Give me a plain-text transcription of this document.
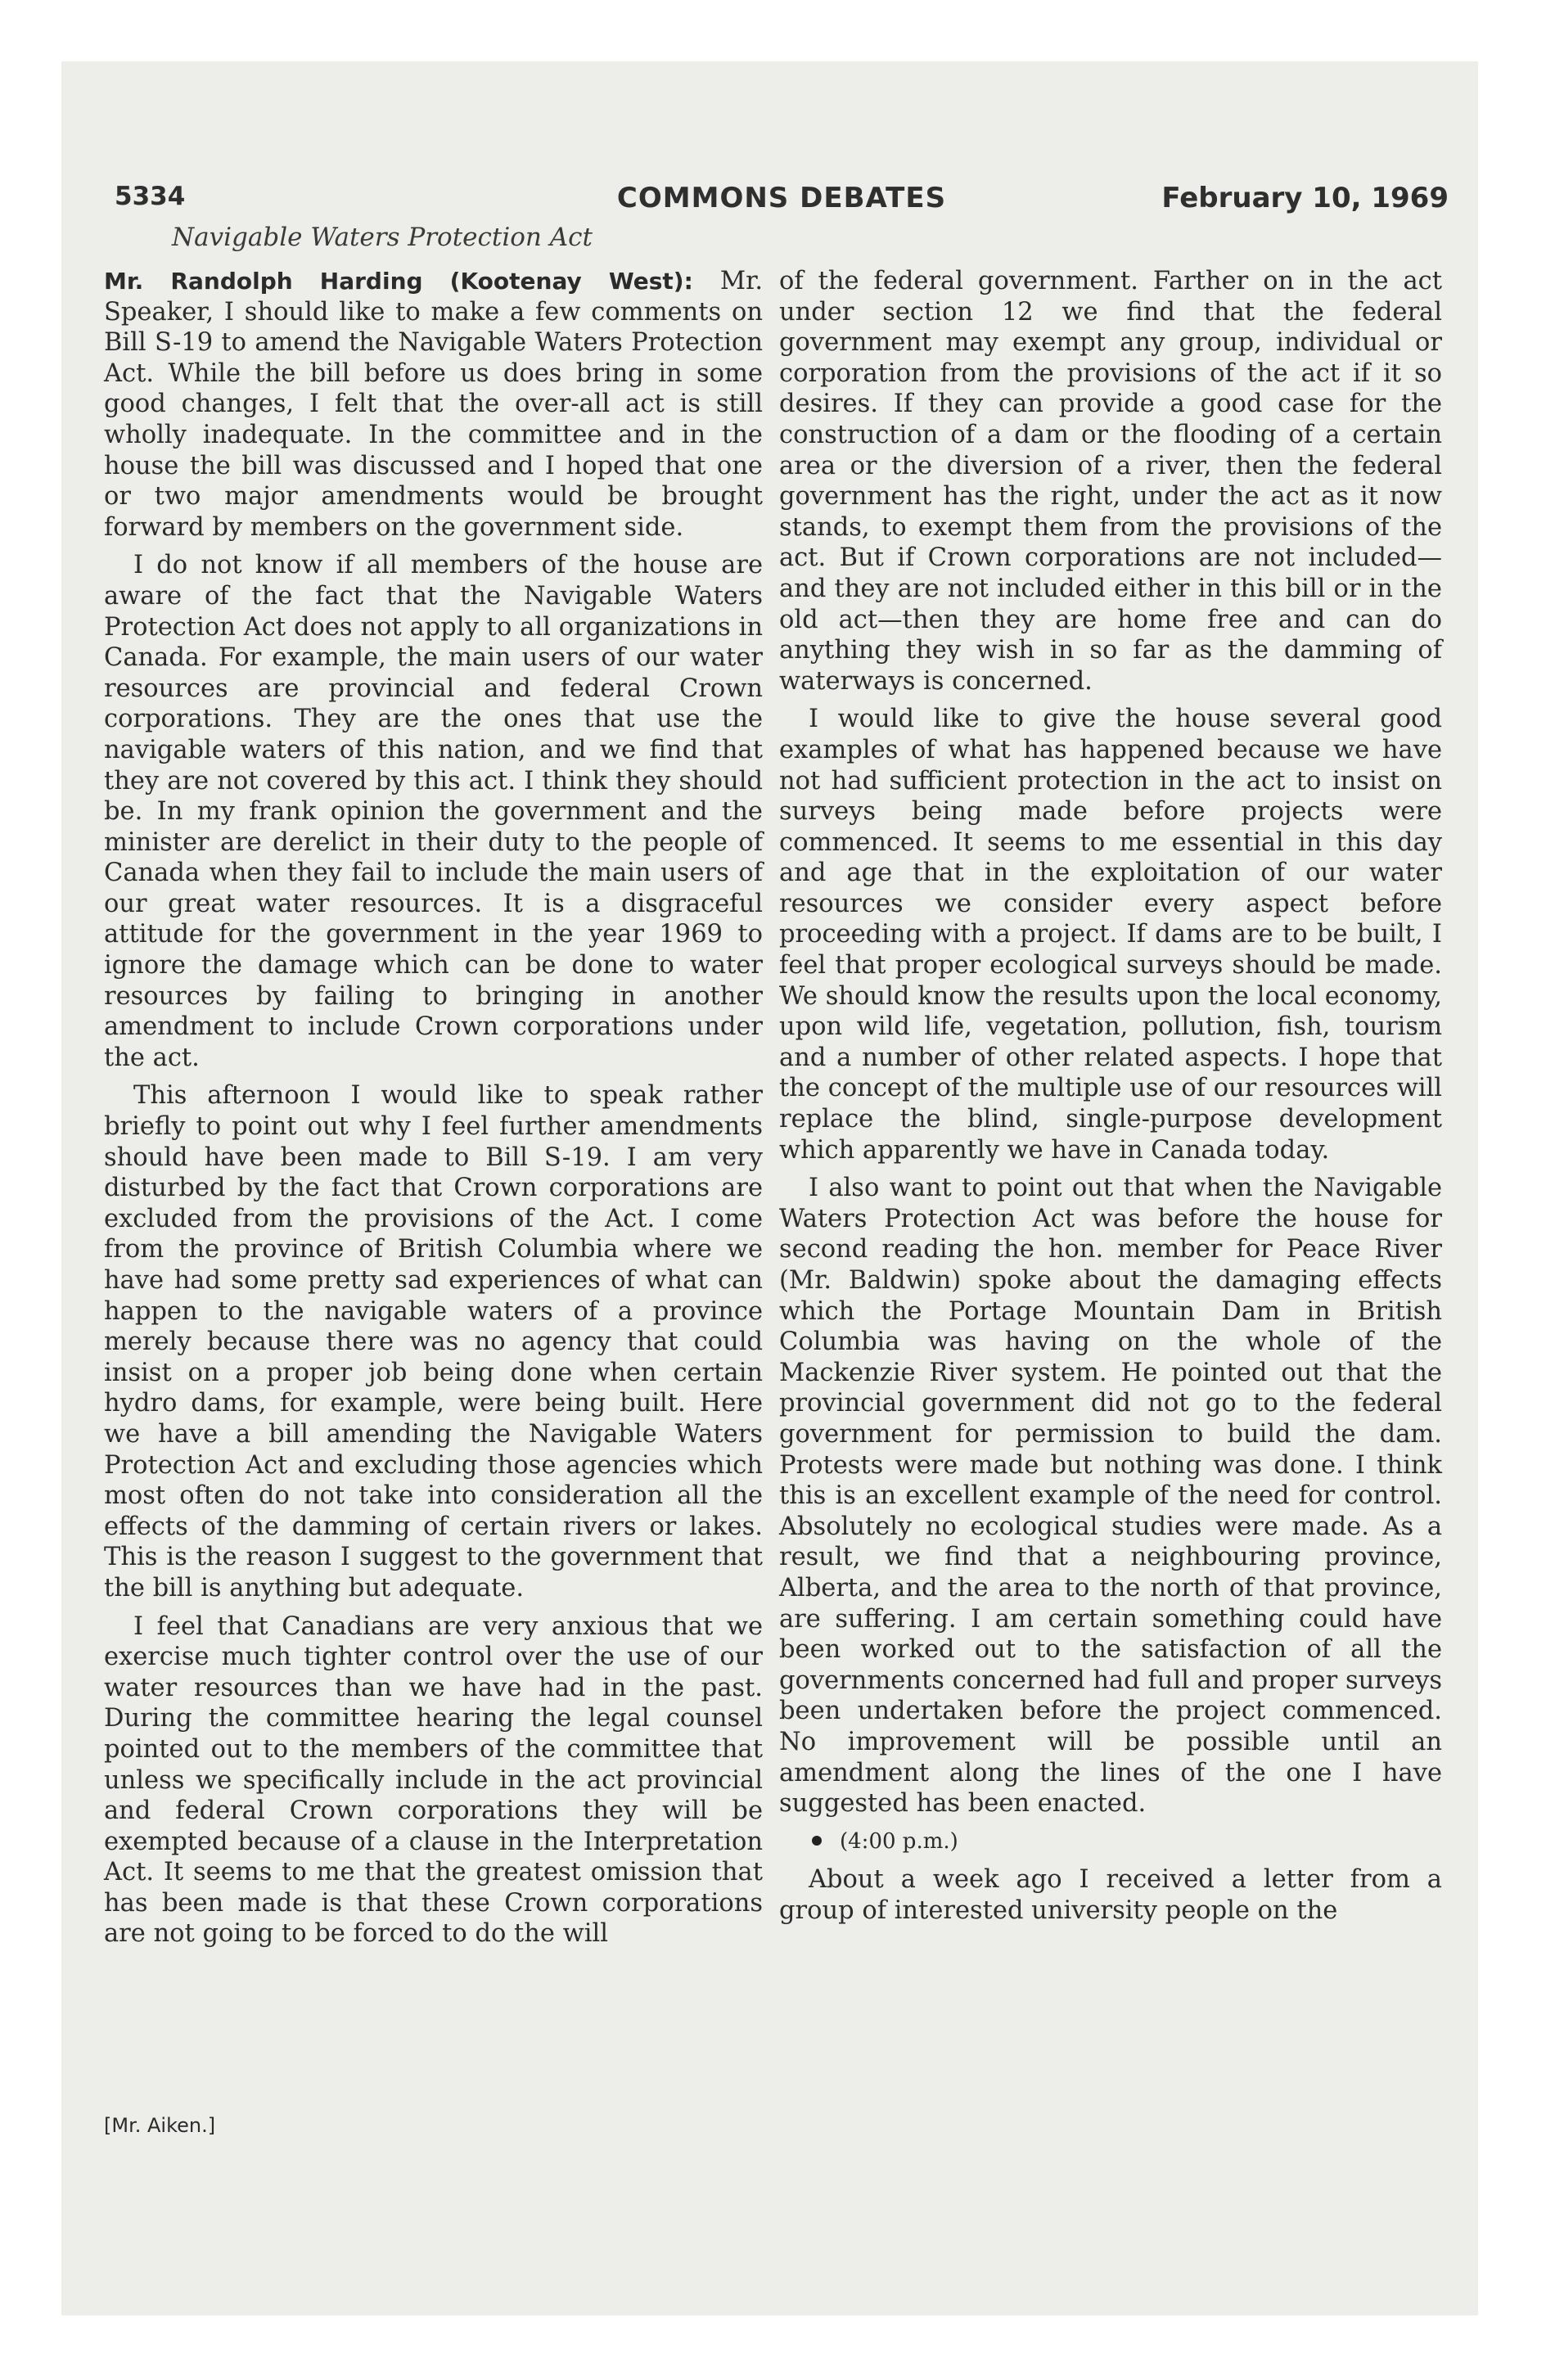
5334	COMMONS DEBATES	February 10, 1969
Navigable Waters Protection Act

Mr. Randolph Harding (Kootenay West): Mr. Speaker, I should like to make a few comments on Bill S-19 to amend the Navigable Waters Protection Act. While the bill before us does bring in some good changes, I felt that the over-all act is still wholly inadequate. In the committee and in the house the bill was discussed and I hoped that one or two major amendments would be brought forward by members on the government side.

I do not know if all members of the house are aware of the fact that the Navigable Waters Protection Act does not apply to all organizations in Canada. For example, the main users of our water resources are provincial and federal Crown corporations. They are the ones that use the navigable waters of this nation, and we find that they are not covered by this act. I think they should be. In my frank opinion the government and the minister are derelict in their duty to the people of Canada when they fail to include the main users of our great water resources. It is a disgraceful attitude for the government in the year 1969 to ignore the damage which can be done to water resources by failing to bringing in another amendment to include Crown corporations under the act.

This afternoon I would like to speak rather briefly to point out why I feel further amendments should have been made to Bill S-19. I am very disturbed by the fact that Crown corporations are excluded from the provisions of the Act. I come from the province of British Columbia where we have had some pretty sad experiences of what can happen to the navigable waters of a province merely because there was no agency that could insist on a proper job being done when certain hydro dams, for example, were being built. Here we have a bill amending the Navigable Waters Protection Act and excluding those agencies which most often do not take into consideration all the effects of the damming of certain rivers or lakes. This is the reason I suggest to the government that the bill is anything but adequate.

I feel that Canadians are very anxious that we exercise much tighter control over the use of our water resources than we have had in the past. During the committee hearing the legal counsel pointed out to the members of the committee that unless we specifically include in the act provincial and federal Crown corporations they will be exempted because of a clause in the Interpretation Act. It seems to me that the greatest omission that has been made is that these Crown corporations are not going to be forced to do the will

of the federal government. Farther on in the act under section 12 we find that the federal government may exempt any group, individual or corporation from the provisions of the act if it so desires. If they can provide a good case for the construction of a dam or the flooding of a certain area or the diversion of a river, then the federal government has the right, under the act as it now stands, to exempt them from the provisions of the act. But if Crown corporations are not included—and they are not included either in this bill or in the old act—then they are home free and can do anything they wish in so far as the damming of waterways is concerned.

I would like to give the house several good examples of what has happened because we have not had sufficient protection in the act to insist on surveys being made before projects were commenced. It seems to me essential in this day and age that in the exploitation of our water resources we consider every aspect before proceeding with a project. If dams are to be built, I feel that proper ecological surveys should be made. We should know the results upon the local economy, upon wild life, vegetation, pollution, fish, tourism and a number of other related aspects. I hope that the concept of the multiple use of our resources will replace the blind, single-purpose development which apparently we have in Canada today.

I also want to point out that when the Navigable Waters Protection Act was before the house for second reading the hon. member for Peace River (Mr. Baldwin) spoke about the damaging effects which the Portage Mountain Dam in British Columbia was having on the whole of the Mackenzie River system. He pointed out that the provincial government did not go to the federal government for permission to build the dam. Protests were made but nothing was done. I think this is an excellent example of the need for control. Absolutely no ecological studies were made. As a result, we find that a neighbouring province, Alberta, and the area to the north of that province, are suffering. I am certain something could have been worked out to the satisfaction of all the governments concerned had full and proper surveys been undertaken before the project commenced. No improvement will be possible until an amendment along the lines of the one I have suggested has been enacted.

(4:00 p.m.)

About a week ago I received a letter from a group of interested university people on the

[Mr. Aiken.]
